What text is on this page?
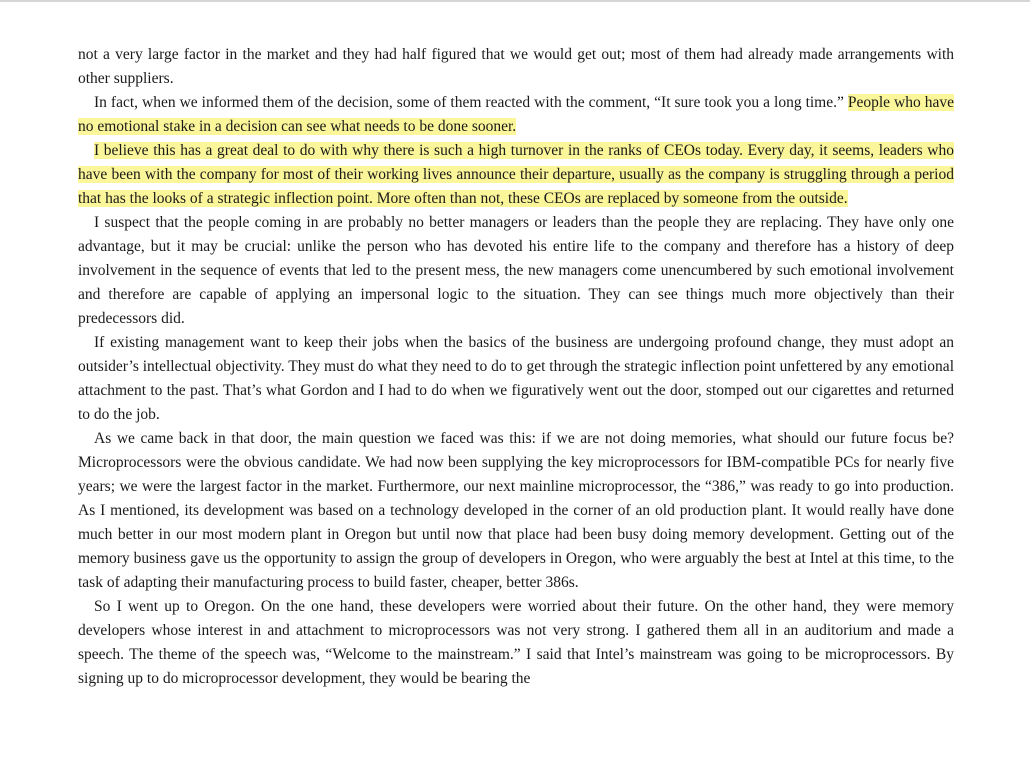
not a very large factor in the market and they had half figured that we would get out; most of them had already made arrangements with other suppliers.

In fact, when we informed them of the decision, some of them reacted with the comment, “It sure took you a long time.” People who have no emotional stake in a decision can see what needs to be done sooner.

I believe this has a great deal to do with why there is such a high turnover in the ranks of CEOs today. Every day, it seems, leaders who have been with the company for most of their working lives announce their departure, usually as the company is struggling through a period that has the looks of a strategic inflection point. More often than not, these CEOs are replaced by someone from the outside.

I suspect that the people coming in are probably no better managers or leaders than the people they are replacing. They have only one advantage, but it may be crucial: unlike the person who has devoted his entire life to the company and therefore has a history of deep involvement in the sequence of events that led to the present mess, the new managers come unencumbered by such emotional involvement and therefore are capable of applying an impersonal logic to the situation. They can see things much more objectively than their predecessors did.

If existing management want to keep their jobs when the basics of the business are undergoing profound change, they must adopt an outsider’s intellectual objectivity. They must do what they need to do to get through the strategic inflection point unfettered by any emotional attachment to the past. That’s what Gordon and I had to do when we figuratively went out the door, stomped out our cigarettes and returned to do the job.

As we came back in that door, the main question we faced was this: if we are not doing memories, what should our future focus be? Microprocessors were the obvious candidate. We had now been supplying the key microprocessors for IBM-compatible PCs for nearly five years; we were the largest factor in the market. Furthermore, our next mainline microprocessor, the “386,” was ready to go into production. As I mentioned, its development was based on a technology developed in the corner of an old production plant. It would really have done much better in our most modern plant in Oregon but until now that place had been busy doing memory development. Getting out of the memory business gave us the opportunity to assign the group of developers in Oregon, who were arguably the best at Intel at this time, to the task of adapting their manufacturing process to build faster, cheaper, better 386s.

So I went up to Oregon. On the one hand, these developers were worried about their future. On the other hand, they were memory developers whose interest in and attachment to microprocessors was not very strong. I gathered them all in an auditorium and made a speech. The theme of the speech was, “Welcome to the mainstream.” I said that Intel’s mainstream was going to be microprocessors. By signing up to do microprocessor development, they would be bearing the
